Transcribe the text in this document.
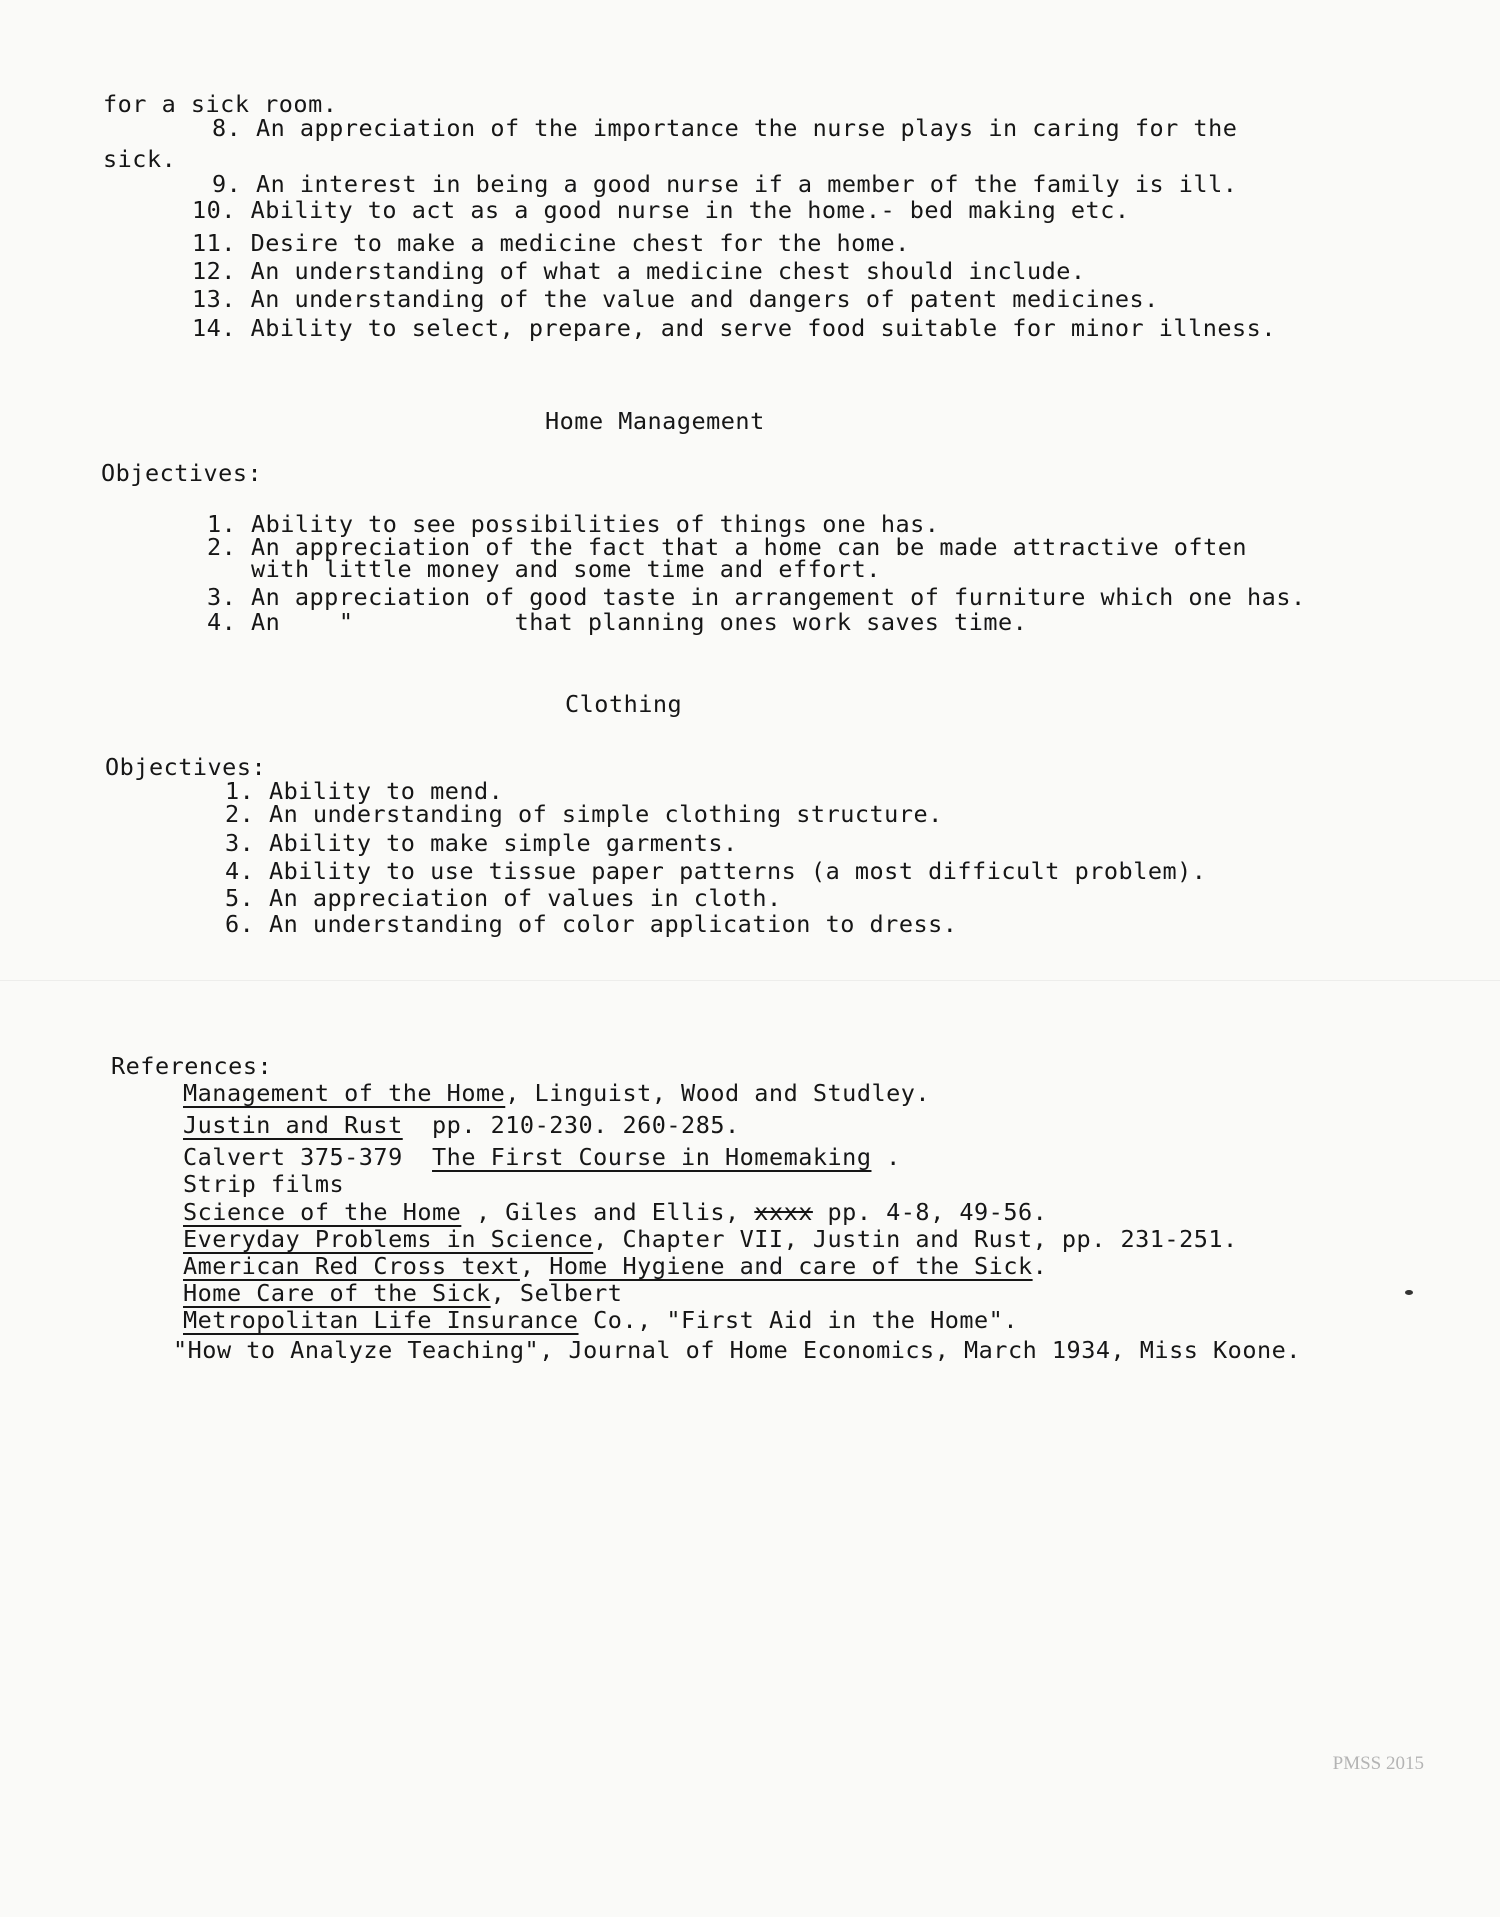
for a sick room.
8. An appreciation of the importance the nurse plays in caring for the
sick.
9. An interest in being a good nurse if a member of the family is ill.
10. Ability to act as a good nurse in the home.- bed making etc.
11. Desire to make a medicine chest for the home.
12. An understanding of what a medicine chest should include.
13. An understanding of the value and dangers of patent medicines.
14. Ability to select, prepare, and serve food suitable for minor illness.
Home Management
Objectives:
1. Ability to see possibilities of things one has.
2. An appreciation of the fact that a home can be made attractive often
with little money and some time and effort.
3. An appreciation of good taste in arrangement of furniture which one has.
4. An    "           that planning ones work saves time.
Clothing
Objectives:
1. Ability to mend.
2. An understanding of simple clothing structure.
3. Ability to make simple garments.
4. Ability to use tissue paper patterns (a most difficult problem).
5. An appreciation of values in cloth.
6. An understanding of color application to dress.
References:
Management of the Home, Linguist, Wood and Studley.
Justin and Rust  pp. 210-230. 260-285.
Calvert 375-379  The First Course in Homemaking .
Strip films
Science of the Home , Giles and Ellis, xxxx pp. 4-8, 49-56.
Everyday Problems in Science, Chapter VII, Justin and Rust, pp. 231-251.
American Red Cross text, Home Hygiene and care of the Sick.
Home Care of the Sick, Selbert
Metropolitan Life Insurance Co., "First Aid in the Home".
"How to Analyze Teaching", Journal of Home Economics, March 1934, Miss Koone.
PMSS 2015
